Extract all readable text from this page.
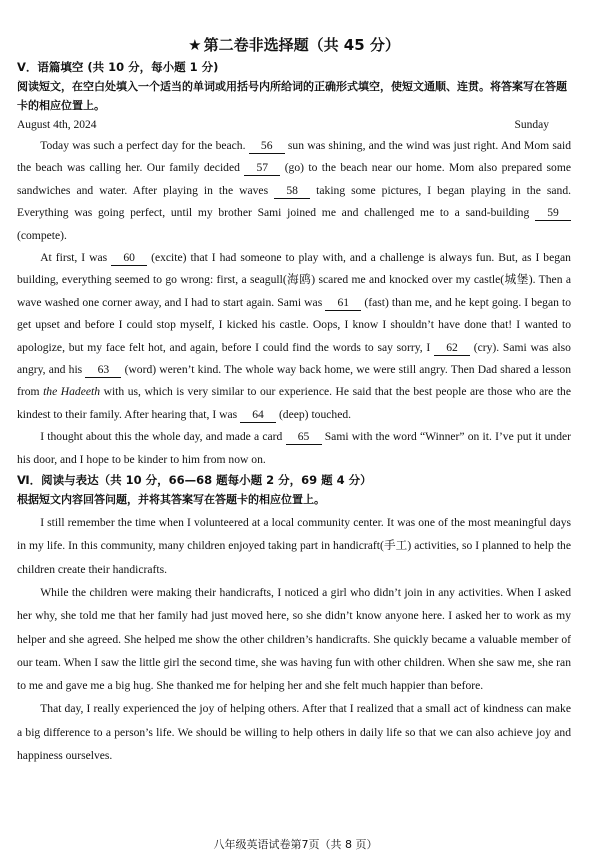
★ 第二卷非选择题（共 45 分）
V．语篇填空 (共 10 分，每小题 1 分)
阅读短文，在空白处填入一个适当的单词或用括号内所给词的正确形式填空，使短文通顺、连贯。将答案写在答题卡的相应位置上。
August 4th, 2024	Sunday

Today was such a perfect day for the beach. 56 sun was shining, and the wind was just right. And Mom said the beach was calling her. Our family decided 57 (go) to the beach near our home. Mom also prepared some sandwiches and water. After playing in the waves 58 taking some pictures, I began playing in the sand. Everything was going perfect, until my brother Sami joined me and challenged me to a sand-building 59 (compete).

At first, I was 60 (excite) that I had someone to play with, and a challenge is always fun. But, as I began building, everything seemed to go wrong: first, a seagull(海鸥) scared me and knocked over my castle(城堡). Then a wave washed one corner away, and I had to start again. Sami was 61 (fast) than me, and he kept going. I began to get upset and before I could stop myself, I kicked his castle. Oops, I know I shouldn’t have done that! I wanted to apologize, but my face felt hot, and again, before I could find the words to say sorry, I 62 (cry). Sami was also angry, and his 63 (word) weren’t kind. The whole way back home, we were still angry. Then Dad shared a lesson from the Hadeeth with us, which is very similar to our experience. He said that the best people are those who are the kindest to their family. After hearing that, I was 64 (deep) touched.

I thought about this the whole day, and made a card 65 Sami with the word “Winner” on it. I’ve put it under his door, and I hope to be kinder to him from now on.

Ⅵ．阅读与表达（共 10 分，66—68 题每小题 2 分，69 题 4 分）
根据短文内容回答问题，并将其答案写在答题卡的相应位置上。

I still remember the time when I volunteered at a local community center. It was one of the most meaningful days in my life. In this community, many children enjoyed taking part in handicraft(手工) activities, so I planned to help the children create their handicrafts.

While the children were making their handicrafts, I noticed a girl who didn’t join in any activities. When I asked her why, she told me that her family had just moved here, so she didn’t know anyone here. I asked her to work as my helper and she agreed. She helped me show the other children’s handicrafts. She quickly became a valuable member of our team. When I saw the little girl the second time, she was having fun with other children. When she saw me, she ran to me and gave me a big hug. She thanked me for helping her and she felt much happier than before.

That day, I really experienced the joy of helping others. After that I realized that a small act of kindness can make a big difference to a person’s life. We should be willing to help others in daily life so that we can also achieve joy and happiness ourselves.

八年级英语试卷第7页（共 8 页）
